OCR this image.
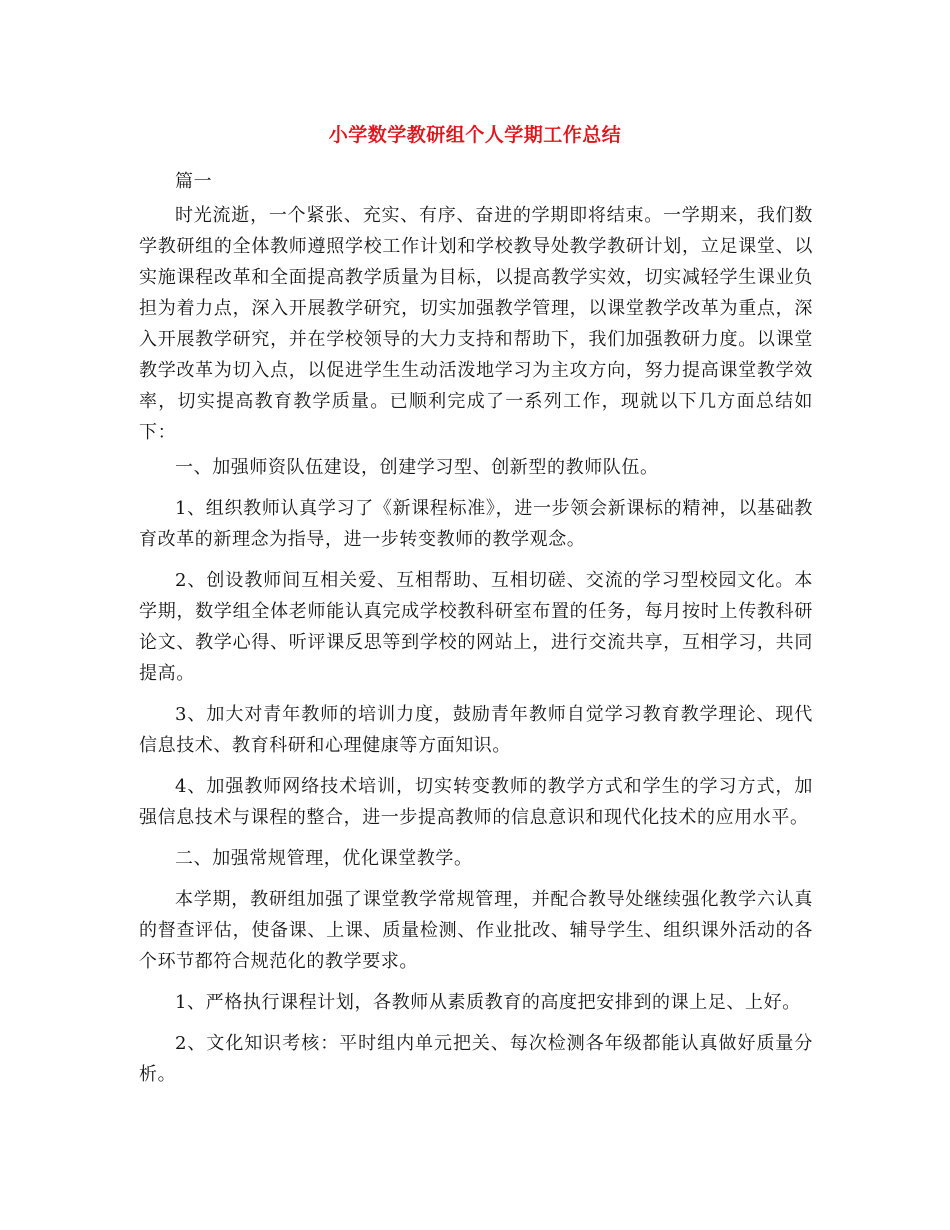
小学数学教研组个人学期工作总结

篇一

时光流逝，一个紧张、充实、有序、奋进的学期即将结束。一学期来，我们数学教研组的全体教师遵照学校工作计划和学校教导处教学教研计划，立足课堂、以实施课程改革和全面提高教学质量为目标，以提高教学实效，切实减轻学生课业负担为着力点，深入开展教学研究，切实加强教学管理，以课堂教学改革为重点，深入开展教学研究，并在学校领导的大力支持和帮助下，我们加强教研力度。以课堂教学改革为切入点，以促进学生生动活泼地学习为主攻方向，努力提高课堂教学效率，切实提高教育教学质量。已顺利完成了一系列工作，现就以下几方面总结如下：

一、加强师资队伍建设，创建学习型、创新型的教师队伍。

1、组织教师认真学习了《新课程标准》，进一步领会新课标的精神，以基础教育改革的新理念为指导，进一步转变教师的教学观念。

2、创设教师间互相关爱、互相帮助、互相切磋、交流的学习型校园文化。本学期，数学组全体老师能认真完成学校教科研室布置的任务，每月按时上传教科研论文、教学心得、听评课反思等到学校的网站上，进行交流共享，互相学习，共同提高。

3、加大对青年教师的培训力度，鼓励青年教师自觉学习教育教学理论、现代信息技术、教育科研和心理健康等方面知识。

4、加强教师网络技术培训，切实转变教师的教学方式和学生的学习方式，加强信息技术与课程的整合，进一步提高教师的信息意识和现代化技术的应用水平。

二、加强常规管理，优化课堂教学。

本学期，教研组加强了课堂教学常规管理，并配合教导处继续强化教学六认真的督查评估，使备课、上课、质量检测、作业批改、辅导学生、组织课外活动的各个环节都符合规范化的教学要求。

1、严格执行课程计划，各教师从素质教育的高度把安排到的课上足、上好。

2、文化知识考核：平时组内单元把关、每次检测各年级都能认真做好质量分析。
